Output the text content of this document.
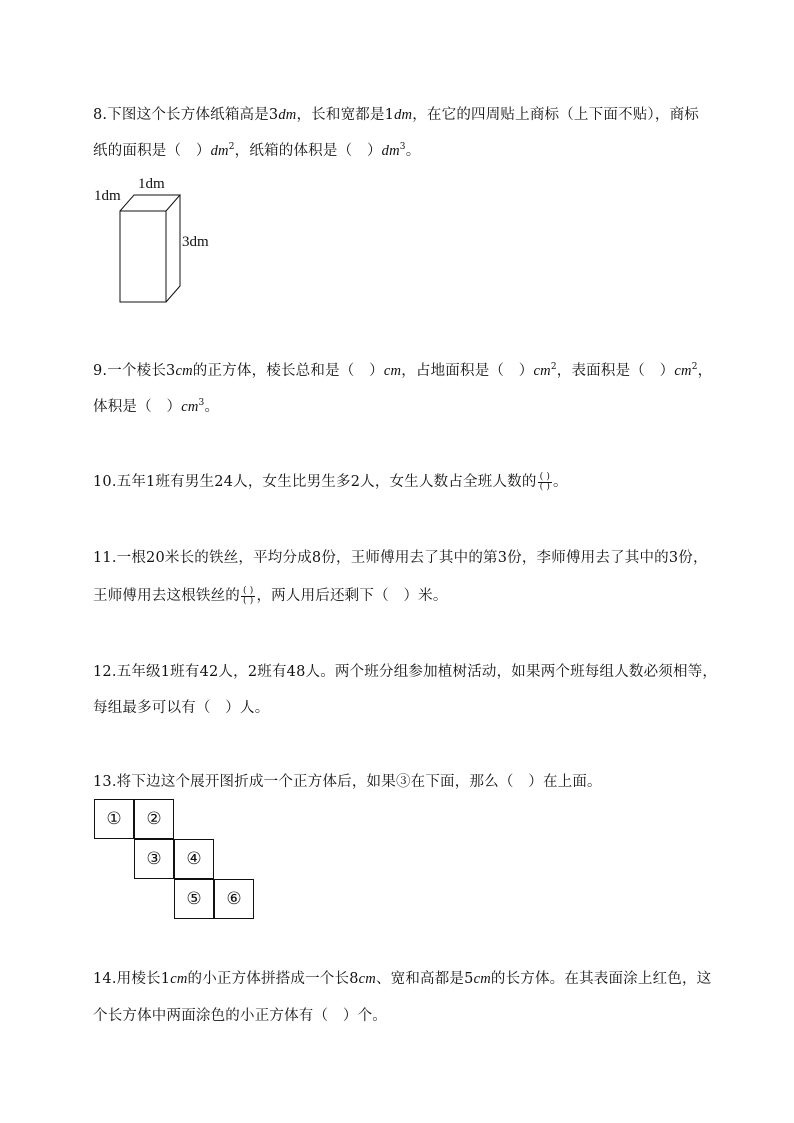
8.下图这个长方体纸箱高是3dm，长和宽都是1dm，在它的四周贴上商标（上下面不贴），商标
纸的面积是（　）$dm^2$，纸箱的体积是（　）$dm^3$。
1dm
1dm
3dm
9.一个棱长3cm的正方体，棱长总和是（　）cm，占地面积是（　）$cm^2$，表面积是（　）$cm^2$，
体积是（　）$cm^3$。
10.五年1班有男生24人，女生比男生多2人，女生人数占全班人数的 $\frac{( )}{( )}$ 。
11.一根20米长的铁丝，平均分成8份，王师傅用去了其中的第3份，李师傅用去了其中的3份，
王师傅用去这根铁丝的 $\frac{( )}{( )}$ ，两人用后还剩下（　）米。
12.五年级1班有42人，2班有48人。两个班分组参加植树活动，如果两个班每组人数必须相等，
每组最多可以有（　）人。
13.将下边这个展开图折成一个正方体后，如果③在下面，那么（　）在上面。
①	②
③	④
⑤	⑥
14.用棱长1cm的小正方体拼搭成一个长8cm、宽和高都是5cm的长方体。在其表面涂上红色，这
个长方体中两面涂色的小正方体有（　）个。
